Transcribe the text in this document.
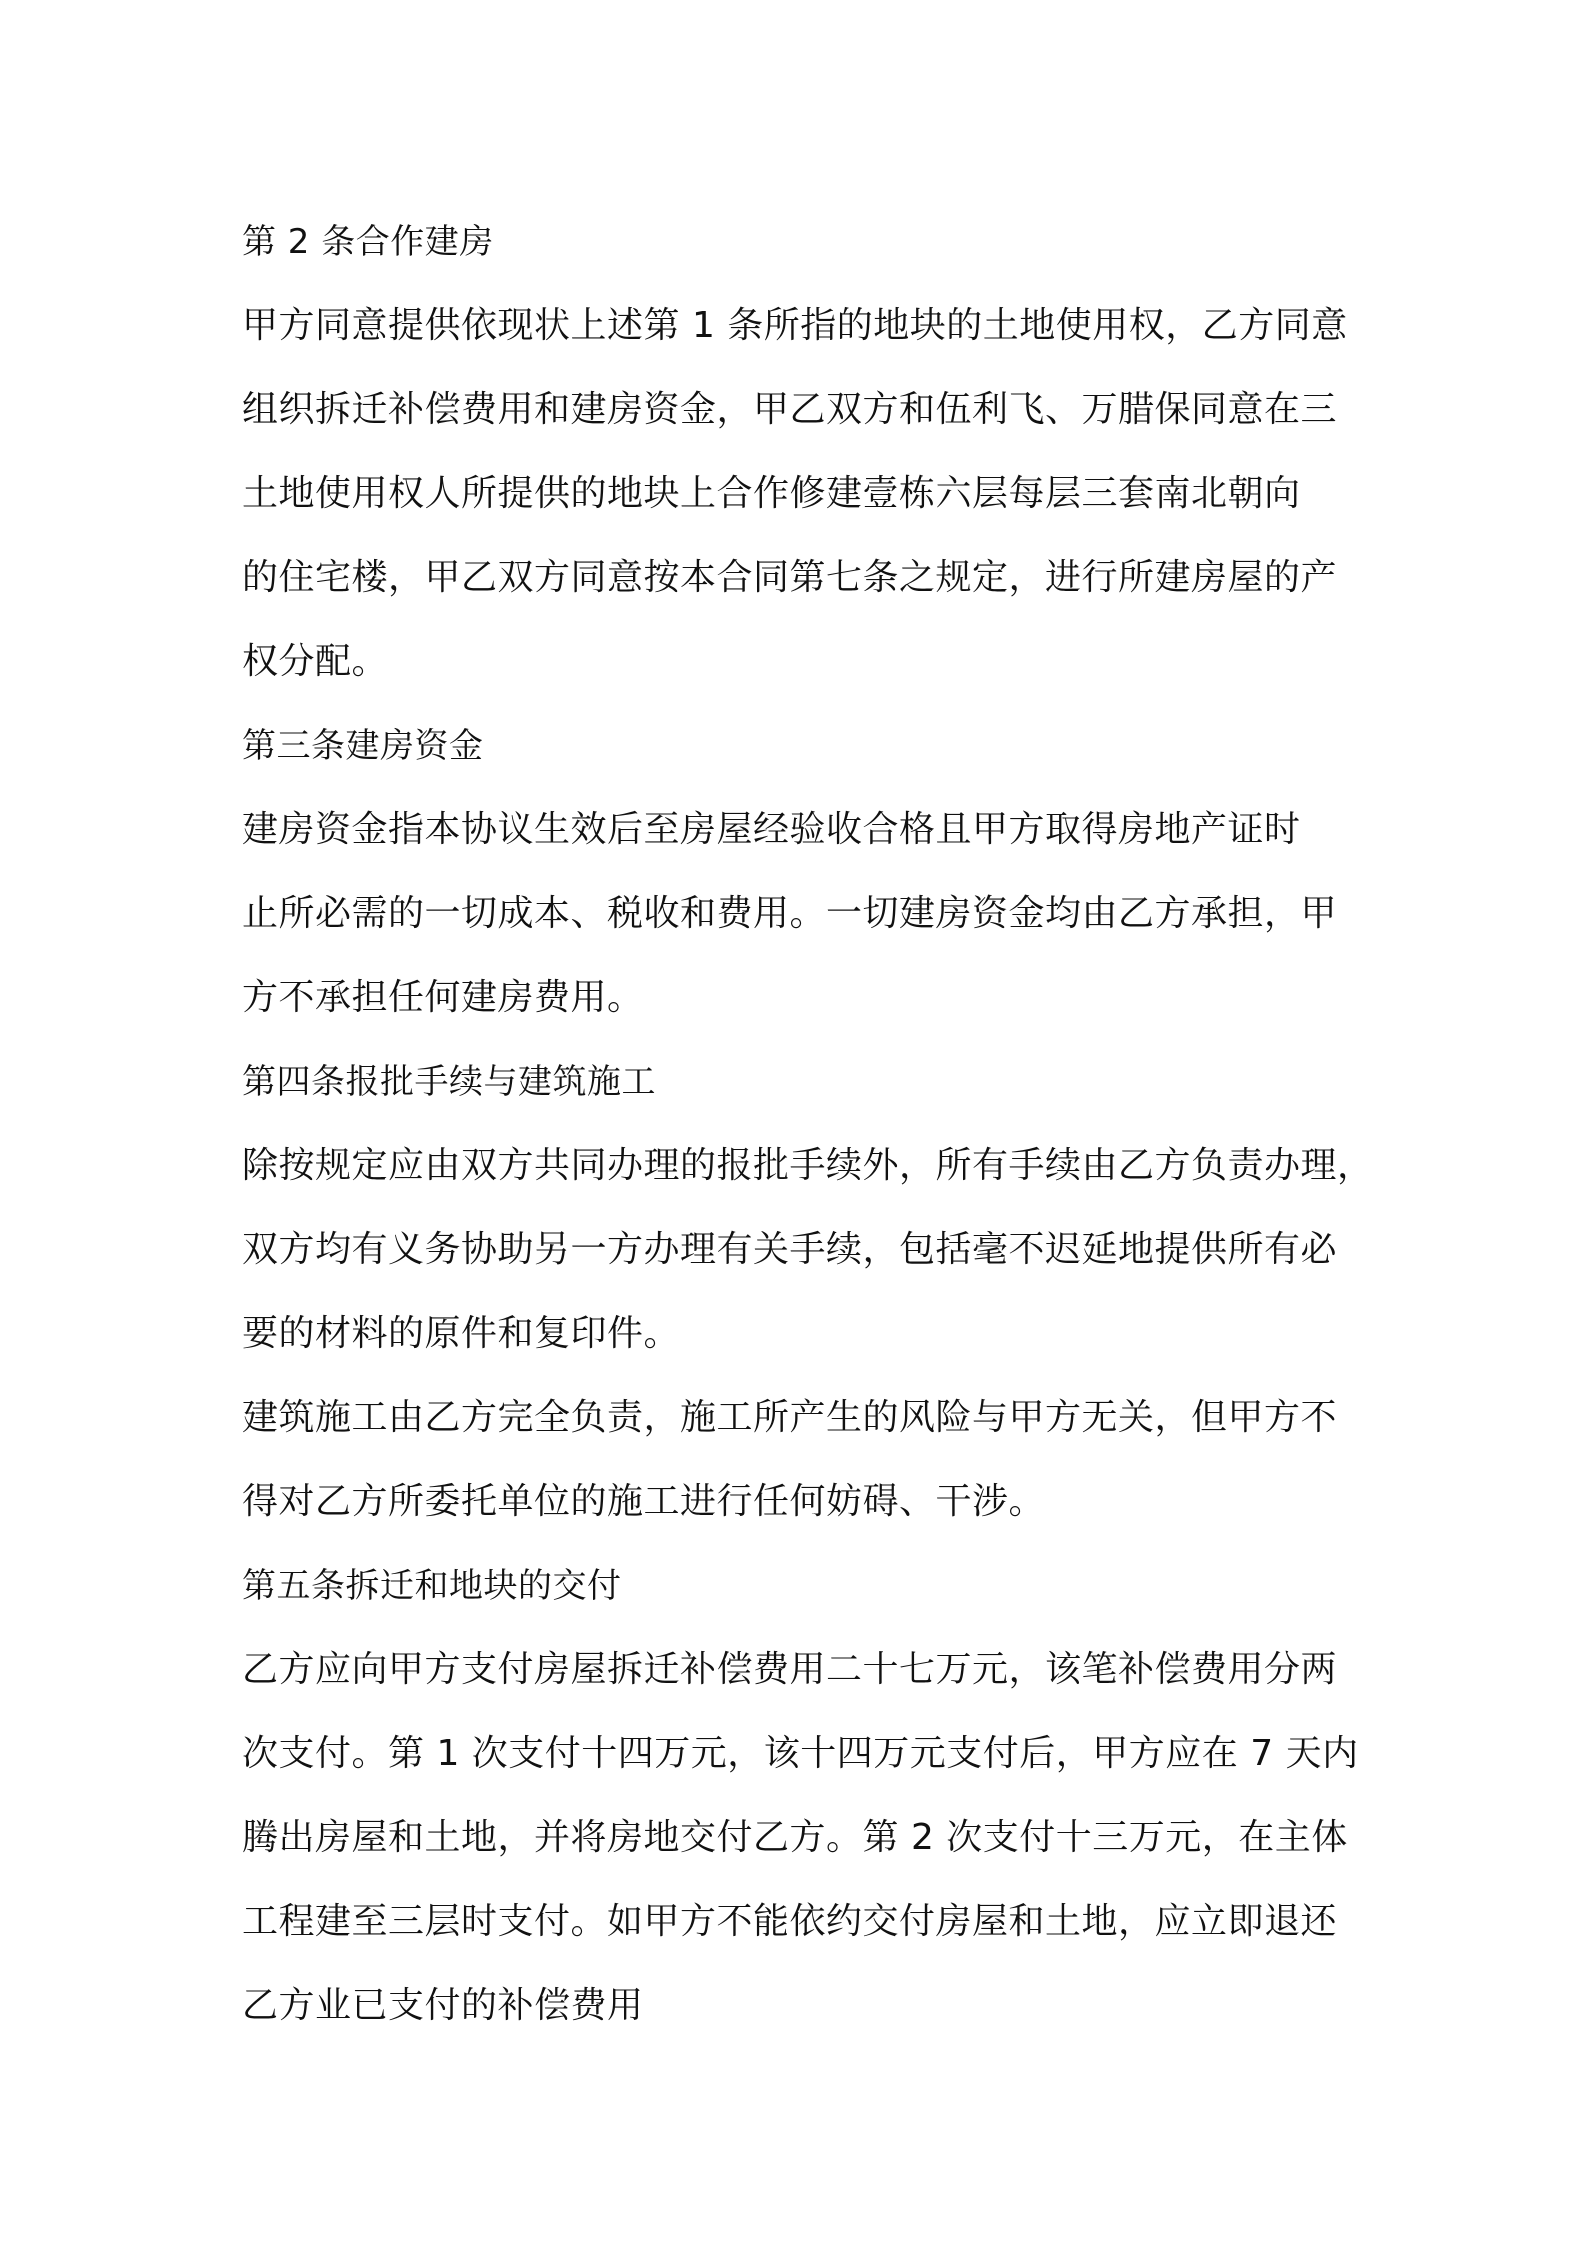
第 2 条合作建房
甲方同意提供依现状上述第 1 条所指的地块的土地使用权，乙方同意
组织拆迁补偿费用和建房资金，甲乙双方和伍利飞、万腊保同意在三
土地使用权人所提供的地块上合作修建壹栋六层每层三套南北朝向
的住宅楼，甲乙双方同意按本合同第七条之规定，进行所建房屋的产
权分配。
第三条建房资金
建房资金指本协议生效后至房屋经验收合格且甲方取得房地产证时
止所必需的一切成本、税收和费用。一切建房资金均由乙方承担，甲
方不承担任何建房费用。
第四条报批手续与建筑施工
除按规定应由双方共同办理的报批手续外，所有手续由乙方负责办理，
双方均有义务协助另一方办理有关手续，包括毫不迟延地提供所有必
要的材料的原件和复印件。
建筑施工由乙方完全负责，施工所产生的风险与甲方无关，但甲方不
得对乙方所委托单位的施工进行任何妨碍、干涉。
第五条拆迁和地块的交付
乙方应向甲方支付房屋拆迁补偿费用二十七万元，该笔补偿费用分两
次支付。第 1 次支付十四万元，该十四万元支付后，甲方应在 7 天内
腾出房屋和土地，并将房地交付乙方。第 2 次支付十三万元，在主体
工程建至三层时支付。如甲方不能依约交付房屋和土地，应立即退还
乙方业已支付的补偿费用
